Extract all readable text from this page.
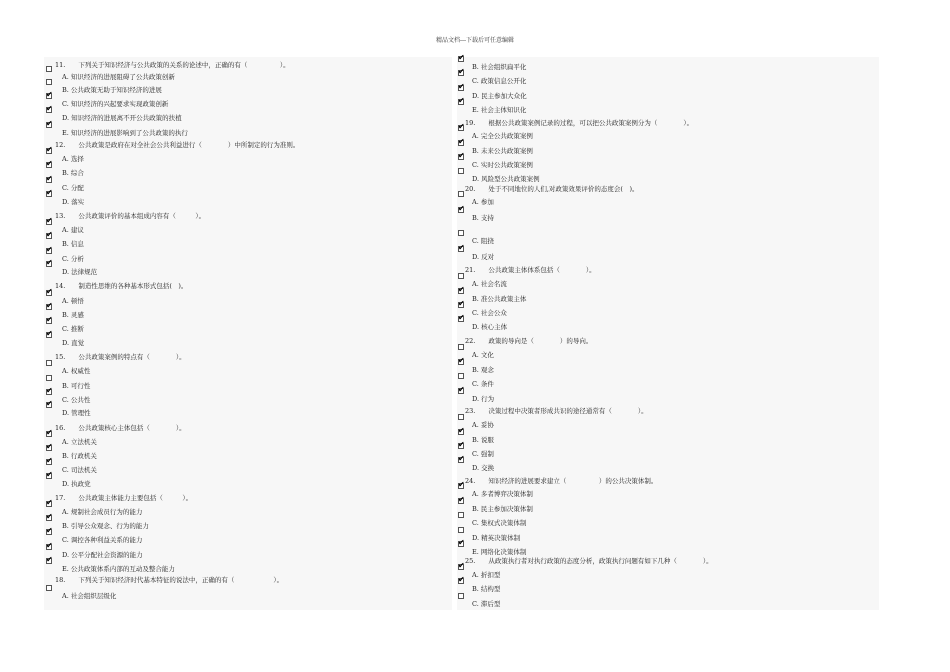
精品文档---下载后可任意编辑
11.　　下列关于知识经济与公共政策的关系的论述中，正确的有（　　　　　）。
A. 知识经济的进展阻碍了公共政策创新
B. 公共政策无助于知识经济的进展
C. 知识经济的兴起要求实现政策创新
✔
D. 知识经济的进展离不开公共政策的扶植
✔
E. 知识经济的进展影响到了公共政策的执行
✔
12.　　公共政策是政府在对全社会公共利益进行（　　　　）中所制定的行为准则。
A. 选择
✔
B. 综合
✔
C. 分配
✔
D. 落实
✔
13.　　公共政策评价的基本组成内容有（　　　）。
A. 建议
✔
B. 信息
✔
C. 分析
✔
D. 法律规范
✔
14.　　制造性思维的各种基本形式包括(　)。
A. 顿悟
✔
B. 灵感
✔
C. 推断
✔
D. 直觉
✔
15.　　公共政策案例的特点有（　　　　）。
A. 权威性
B. 可行性
C. 公共性
✔
D. 管理性
✔
16.　　公共政策核心主体包括（　　　　）。
A. 立法机关
✔
B. 行政机关
✔
C. 司法机关
✔
D. 执政党
✔
17.　　公共政策主体能力主要包括（　　　）。
A. 规制社会成员行为的能力
✔
B. 引导公众观念、行为的能力
✔
C. 调控各种利益关系的能力
✔
D. 公平分配社会资源的能力
✔
E. 公共政策体系内部的互动及整合能力
✔
18.　　下列关于知识经济时代基本特征的说法中，正确的有（　　　　　　）。
A. 社会组织层级化
B. 社会组织扁平化
✔
C. 政策信息公开化
✔
D. 民主参加大众化
✔
E. 社会主体知识化
✔
19.　　根据公共政策案例记录的过程，可以把公共政策案例分为（　　　　）。
A. 完全公共政策案例
✔
B. 未来公共政策案例
✔
C. 实时公共政策案例
✔
D. 风险型公共政策案例
20.　　处于不同地位的人们,对政策效果评价的态度会(　)。
A. 参加
B. 支持
✔
C. 阻挠
D. 反对
✔
21.　　公共政策主体体系包括（　　　　）。
A. 社会名流
B. 准公共政策主体
✔
C. 社会公众
✔
D. 核心主体
✔
22.　　政策的导向是（　　　　）的导向。
A. 文化
B. 观念
✔
C. 条件
D. 行为
✔
23.　　决策过程中决策者形成共识的途径通常有（　　　　）。
A. 妥协
B. 说服
✔
C. 强制
✔
D. 交换
✔
24.　　知识经济的进展要求建立（　　　　　）的公共决策体制。
A. 多者博弈决策体制
✔
B. 民主参加决策体制
✔
C. 集权式决策体制
D. 精英决策体制
E. 网络化决策体制
✔
25.　　从政策执行者对执行政策的态度分析，政策执行问题有如下几种（　　　　）。
A. 折扣型
✔
B. 结构型
✔
C. 滞后型
